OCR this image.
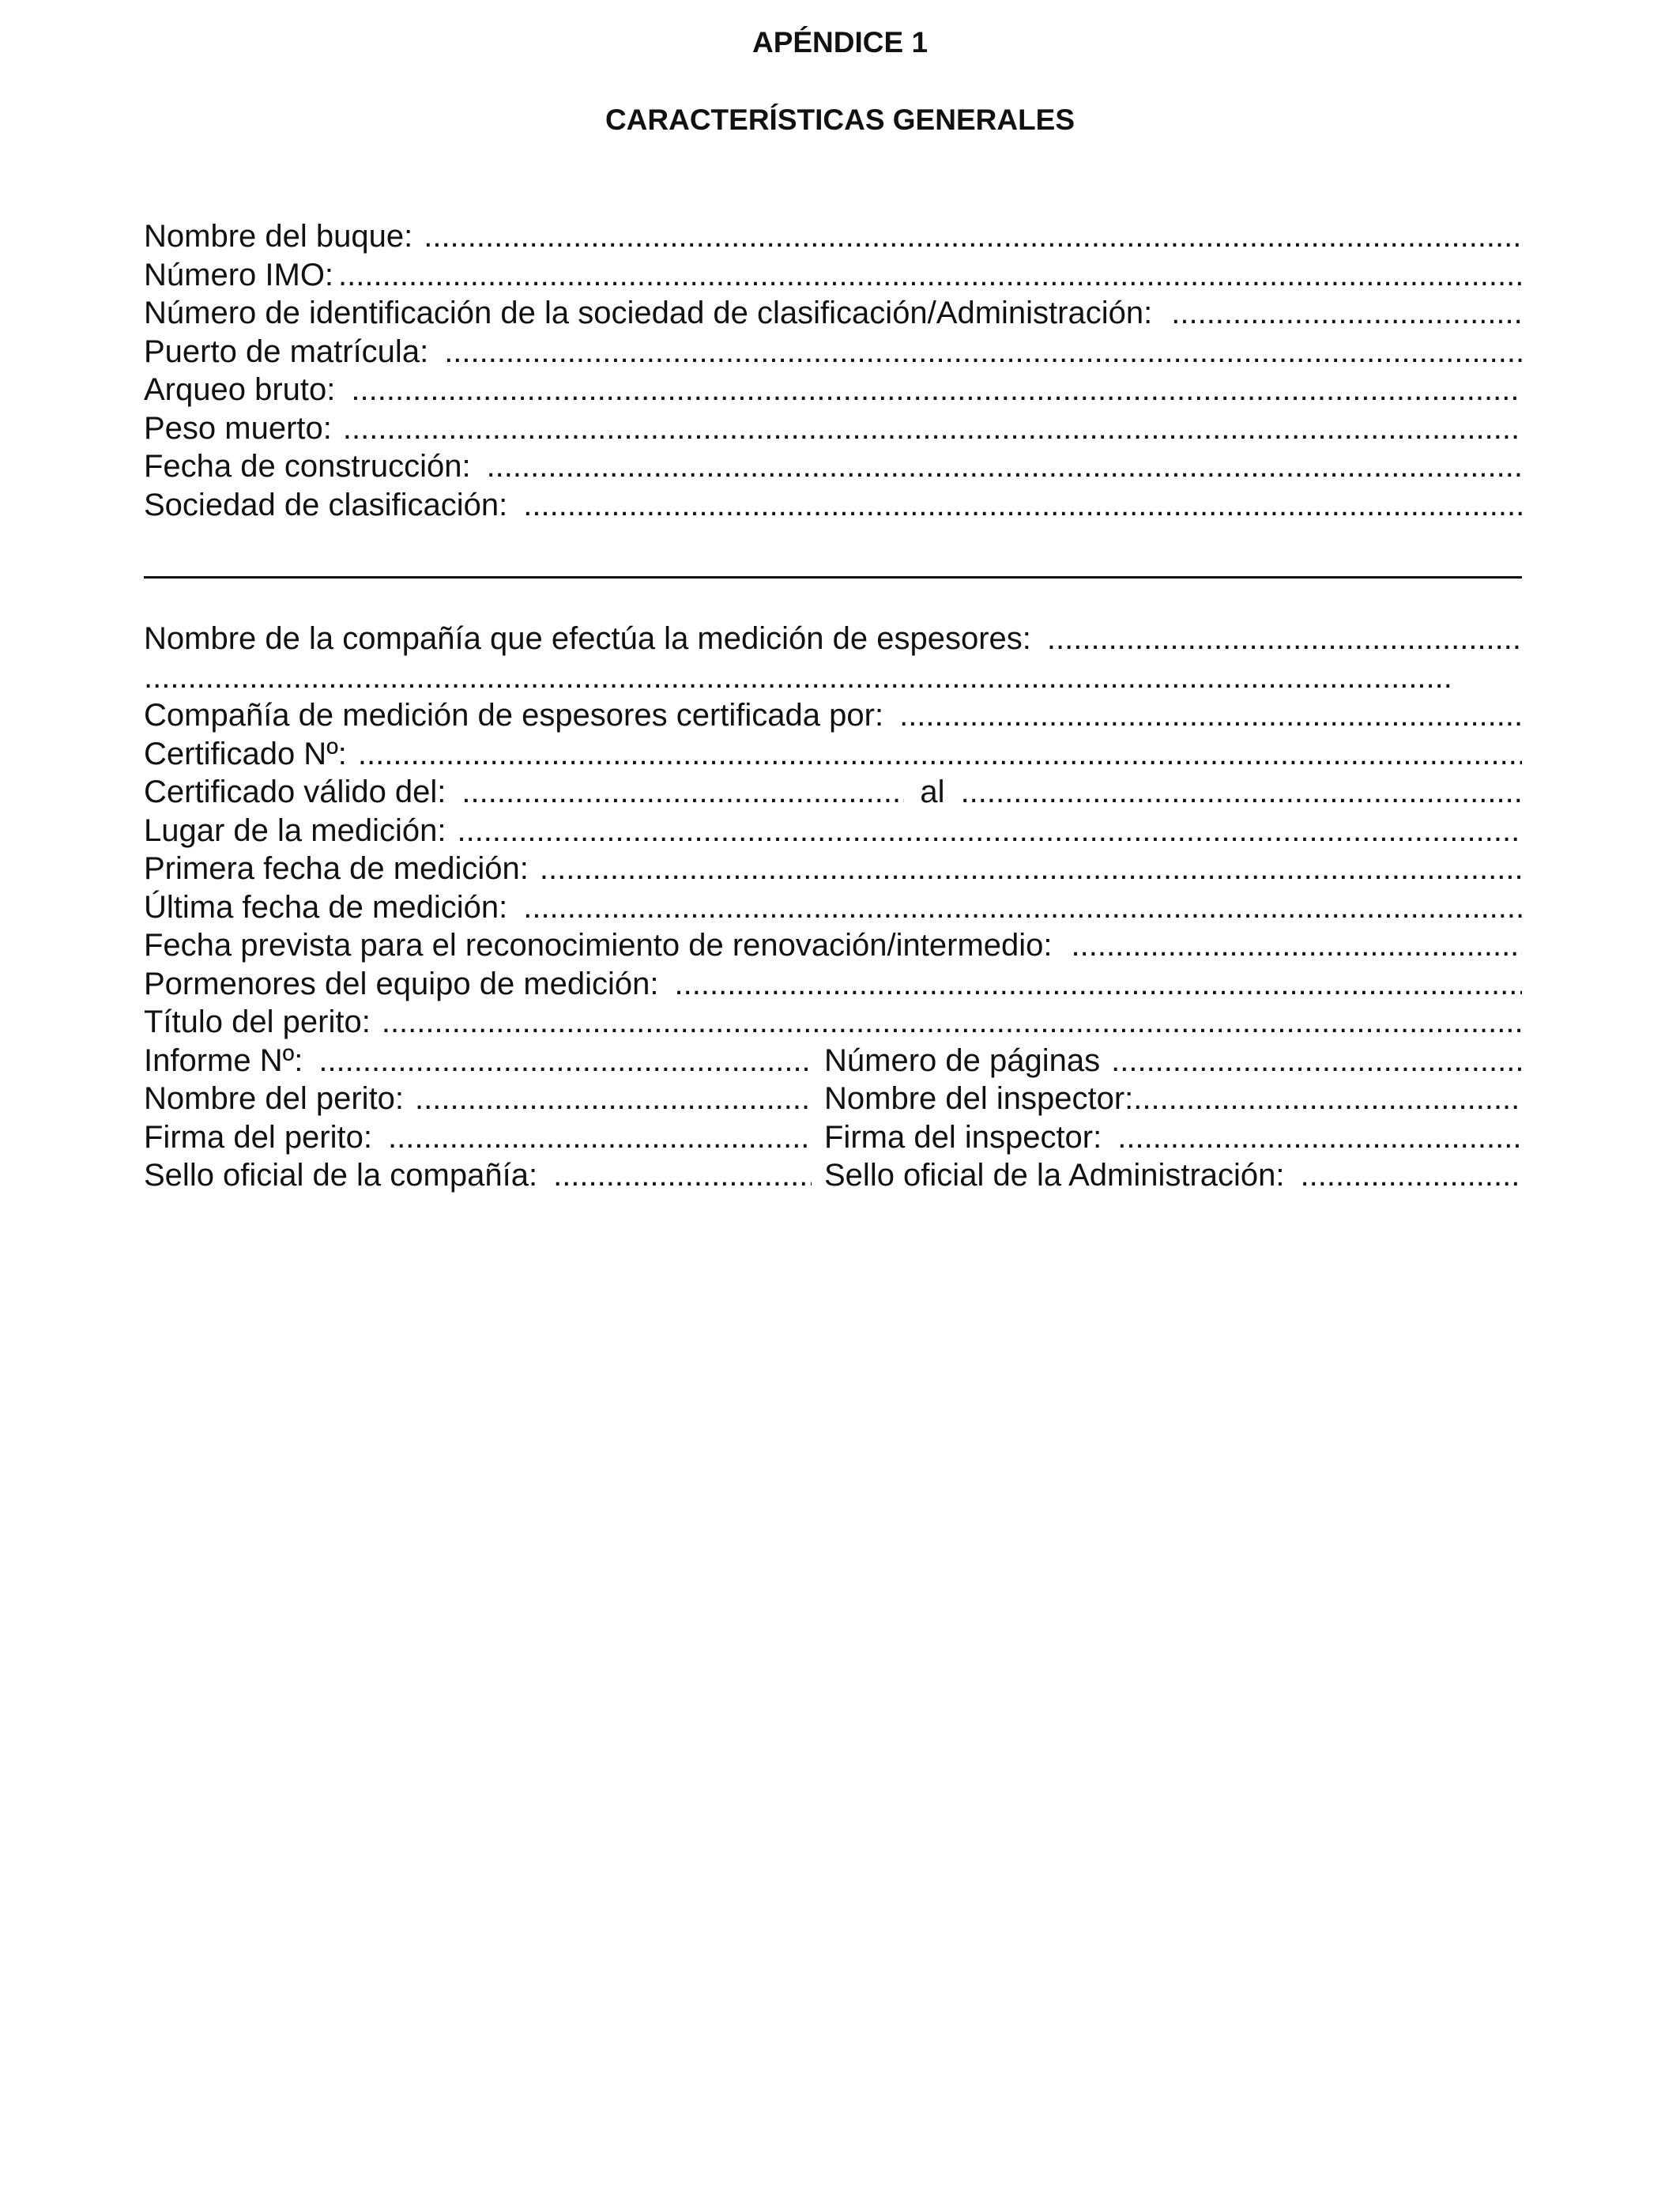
APÉNDICE 1
CARACTERÍSTICAS GENERALES
Nombre del buque:
.....
Número IMO:
.....
Número de identificación de la sociedad de clasificación/Administración:
.....
Puerto de matrícula:
.....
Arqueo bruto:
.....
Peso muerto:
.....
Fecha de construcción:
.....
Sociedad de clasificación:
.....
Nombre de la compañía que efectúa la medición de espesores:
.....
.....
Compañía de medición de espesores certificada por:
.....
Certificado Nº:
.....
Certificado válido del: .....	al
.....
Lugar de la medición:
.....
Primera fecha de medición:
.....
Última fecha de medición:
.....
Fecha prevista para el reconocimiento de renovación/intermedio:
.....
Pormenores del equipo de medición:
.....
Título del perito:
.....
Informe Nº: .....	Número de páginas
.....
Nombre del perito: .....	Nombre del inspector:
.....
Firma del perito: .....	Firma del inspector:
.....
Sello oficial de la compañía: .....	Sello oficial de la Administración:
.....
